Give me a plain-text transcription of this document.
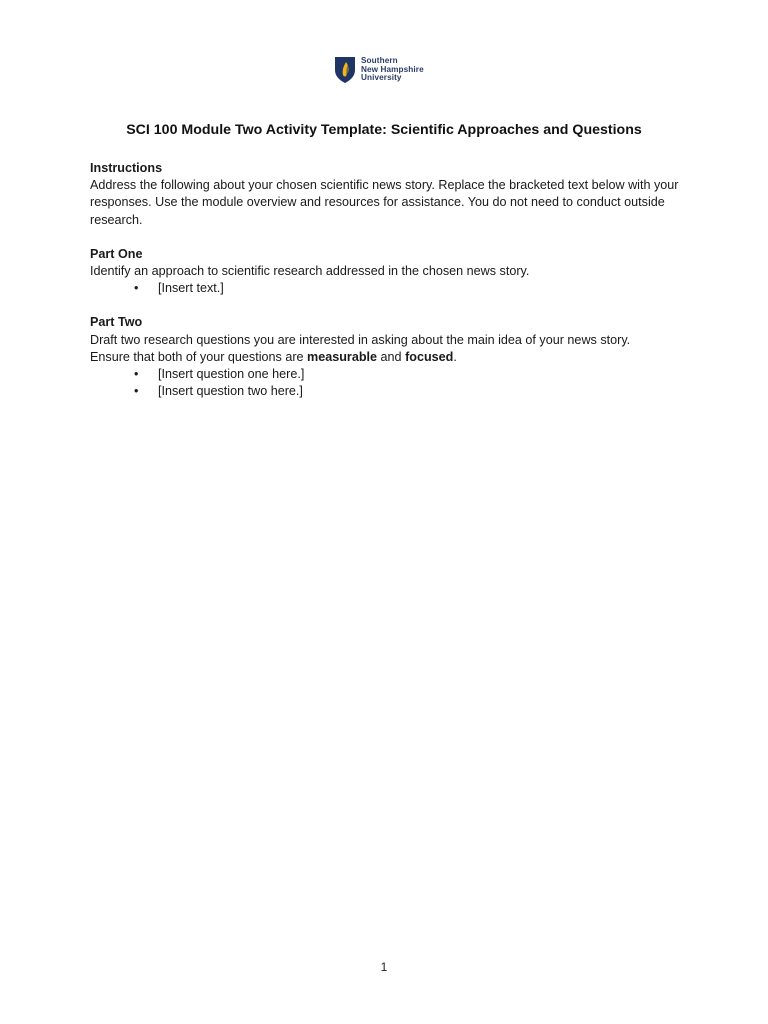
Southern
New Hampshire
University
SCI 100 Module Two Activity Template: Scientific Approaches and Questions
Instructions

Address the following about your chosen scientific news story. Replace the bracketed text below with your responses. Use the module overview and resources for assistance. You do not need to conduct outside research.

Part One

Identify an approach to scientific research addressed in the chosen news story.

• [Insert text.]
Part Two

Draft two research questions you are interested in asking about the main idea of your news story.

Ensure that both of your questions are measurable and focused.

• [Insert question one here.]
• [Insert question two here.]
1
